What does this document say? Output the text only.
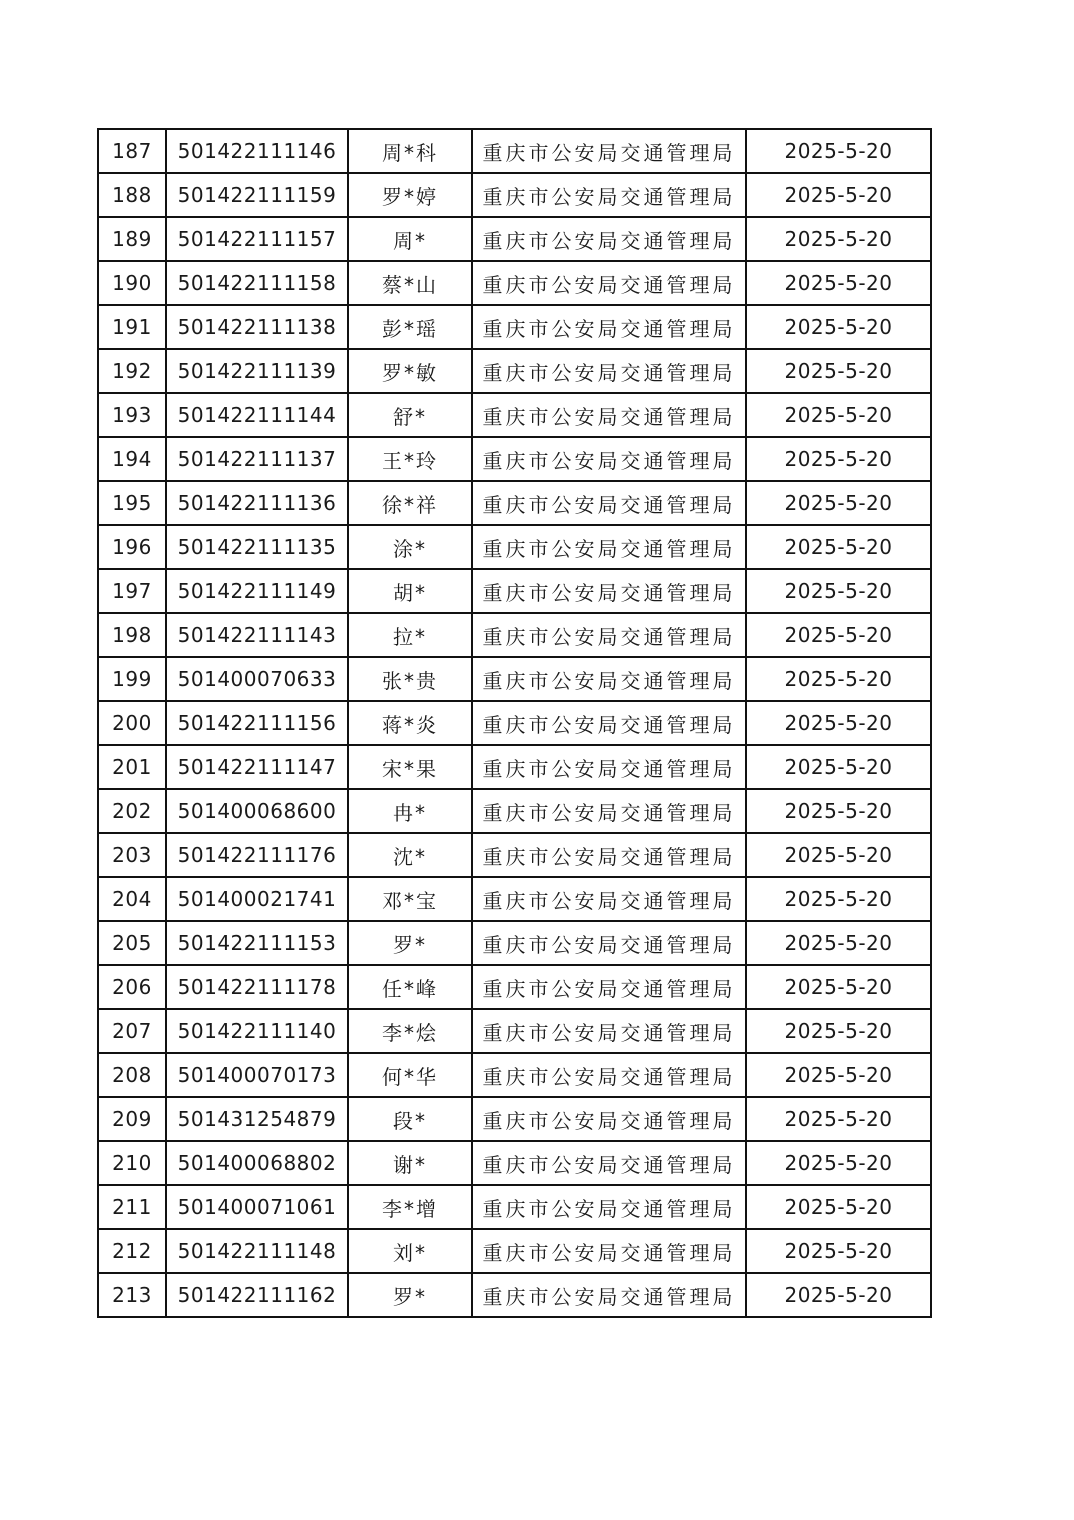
187	501422111146	周*科	重庆市公安局交通管理局	2025-5-20
188	501422111159	罗*婷	重庆市公安局交通管理局	2025-5-20
189	501422111157	周*	重庆市公安局交通管理局	2025-5-20
190	501422111158	蔡*山	重庆市公安局交通管理局	2025-5-20
191	501422111138	彭*瑶	重庆市公安局交通管理局	2025-5-20
192	501422111139	罗*敏	重庆市公安局交通管理局	2025-5-20
193	501422111144	舒*	重庆市公安局交通管理局	2025-5-20
194	501422111137	王*玲	重庆市公安局交通管理局	2025-5-20
195	501422111136	徐*祥	重庆市公安局交通管理局	2025-5-20
196	501422111135	涂*	重庆市公安局交通管理局	2025-5-20
197	501422111149	胡*	重庆市公安局交通管理局	2025-5-20
198	501422111143	拉*	重庆市公安局交通管理局	2025-5-20
199	501400070633	张*贵	重庆市公安局交通管理局	2025-5-20
200	501422111156	蒋*炎	重庆市公安局交通管理局	2025-5-20
201	501422111147	宋*果	重庆市公安局交通管理局	2025-5-20
202	501400068600	冉*	重庆市公安局交通管理局	2025-5-20
203	501422111176	沈*	重庆市公安局交通管理局	2025-5-20
204	501400021741	邓*宝	重庆市公安局交通管理局	2025-5-20
205	501422111153	罗*	重庆市公安局交通管理局	2025-5-20
206	501422111178	任*峰	重庆市公安局交通管理局	2025-5-20
207	501422111140	李*烩	重庆市公安局交通管理局	2025-5-20
208	501400070173	何*华	重庆市公安局交通管理局	2025-5-20
209	501431254879	段*	重庆市公安局交通管理局	2025-5-20
210	501400068802	谢*	重庆市公安局交通管理局	2025-5-20
211	501400071061	李*增	重庆市公安局交通管理局	2025-5-20
212	501422111148	刘*	重庆市公安局交通管理局	2025-5-20
213	501422111162	罗*	重庆市公安局交通管理局	2025-5-20
